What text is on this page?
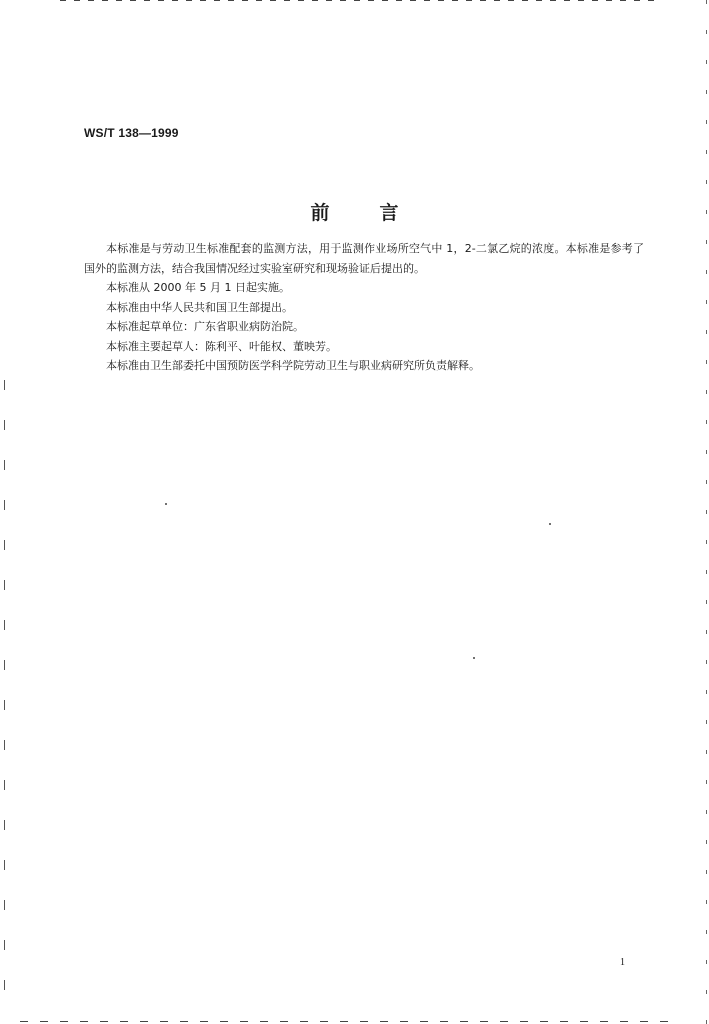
WS/T 138—1999
前言

本标准是与劳动卫生标准配套的监测方法，用于监测作业场所空气中 1，2-二氯乙烷的浓度。本标准是参考了国外的监测方法，结合我国情况经过实验室研究和现场验证后提出的。

本标准从 2000 年 5 月 1 日起实施。

本标准由中华人民共和国卫生部提出。

本标准起草单位：广东省职业病防治院。

本标准主要起草人：陈利平、叶能权、董映芳。

本标准由卫生部委托中国预防医学科学院劳动卫生与职业病研究所负责解释。

1
